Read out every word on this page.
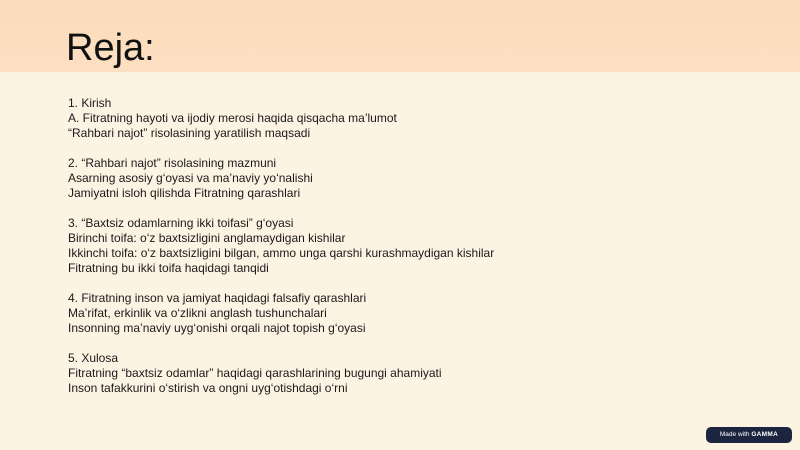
Reja:
1. Kirish
A. Fitratning hayoti va ijodiy merosi haqida qisqacha ma’lumot
“Rahbari najot” risolasining yaratilish maqsadi
2. “Rahbari najot” risolasining mazmuni
Asarning asosiy g‘oyasi va ma’naviy yo‘nalishi
Jamiyatni isloh qilishda Fitratning qarashlari
3. “Baxtsiz odamlarning ikki toifasi” g‘oyasi
Birinchi toifa: o‘z baxtsizligini anglamaydigan kishilar
Ikkinchi toifa: o‘z baxtsizligini bilgan, ammo unga qarshi kurashmaydigan kishilar
Fitratning bu ikki toifa haqidagi tanqidi
4. Fitratning inson va jamiyat haqidagi falsafiy qarashlari
Ma’rifat, erkinlik va o‘zlikni anglash tushunchalari
Insonning ma’naviy uyg‘onishi orqali najot topish g‘oyasi
5. Xulosa
Fitratning “baxtsiz odamlar” haqidagi qarashlarining bugungi ahamiyati
Inson tafakkurini o‘stirish va ongni uyg‘otishdagi o‘rni
Made with GAMMA
